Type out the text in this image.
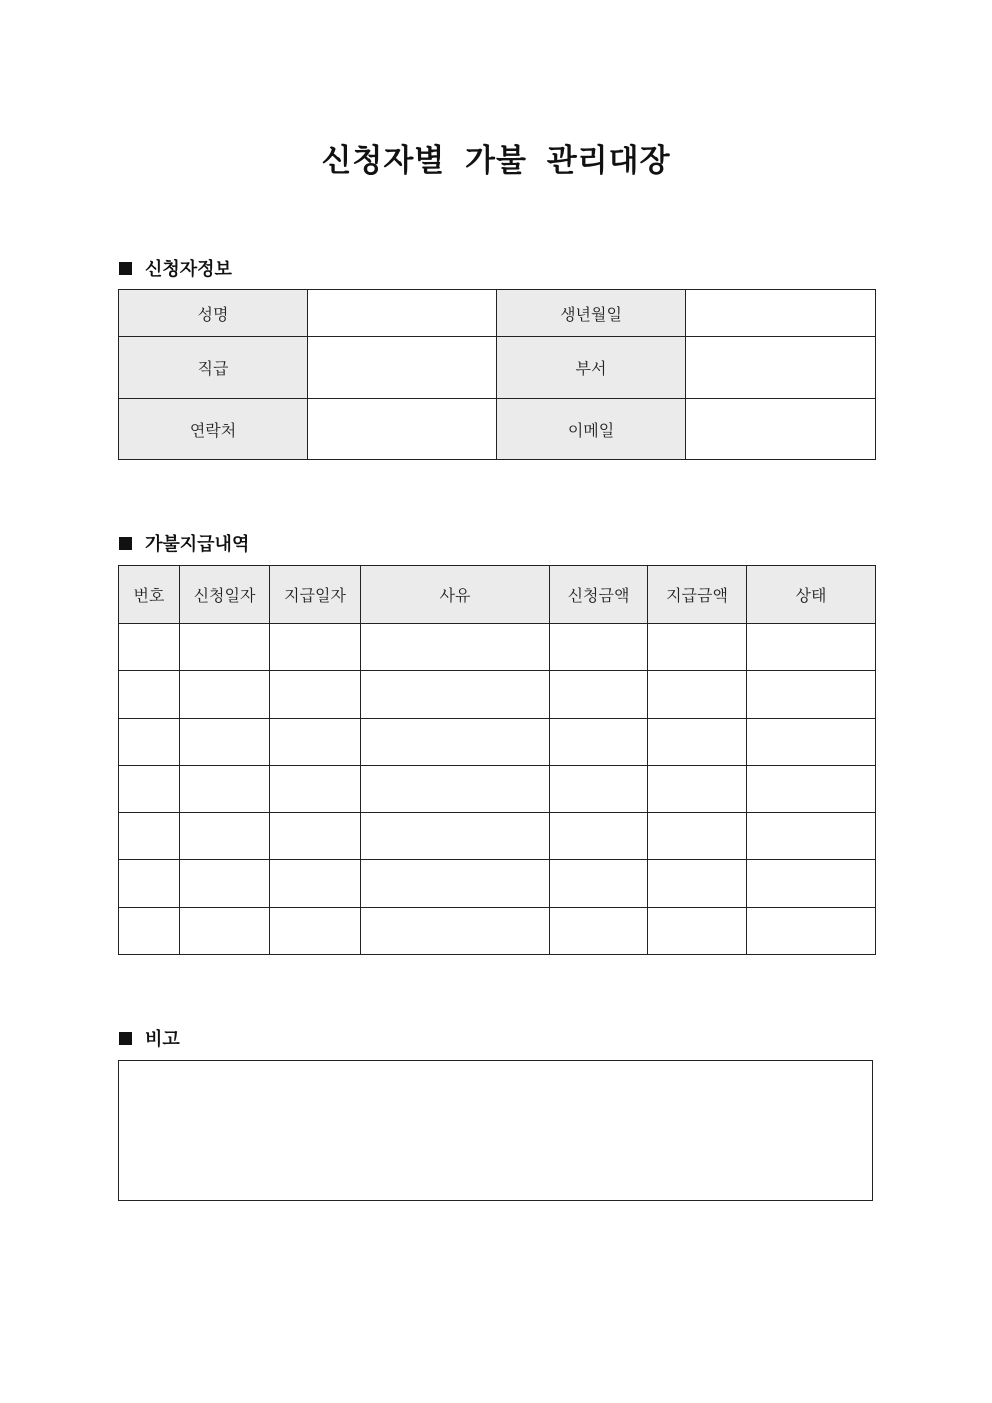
신청자별 가불 관리대장
신청자정보
성명		생년월일	
직급		부서	
연락처		이메일	
가불지급내역
번호	신청일자	지급일자	사유	신청금액	지급금액	상태

비고
